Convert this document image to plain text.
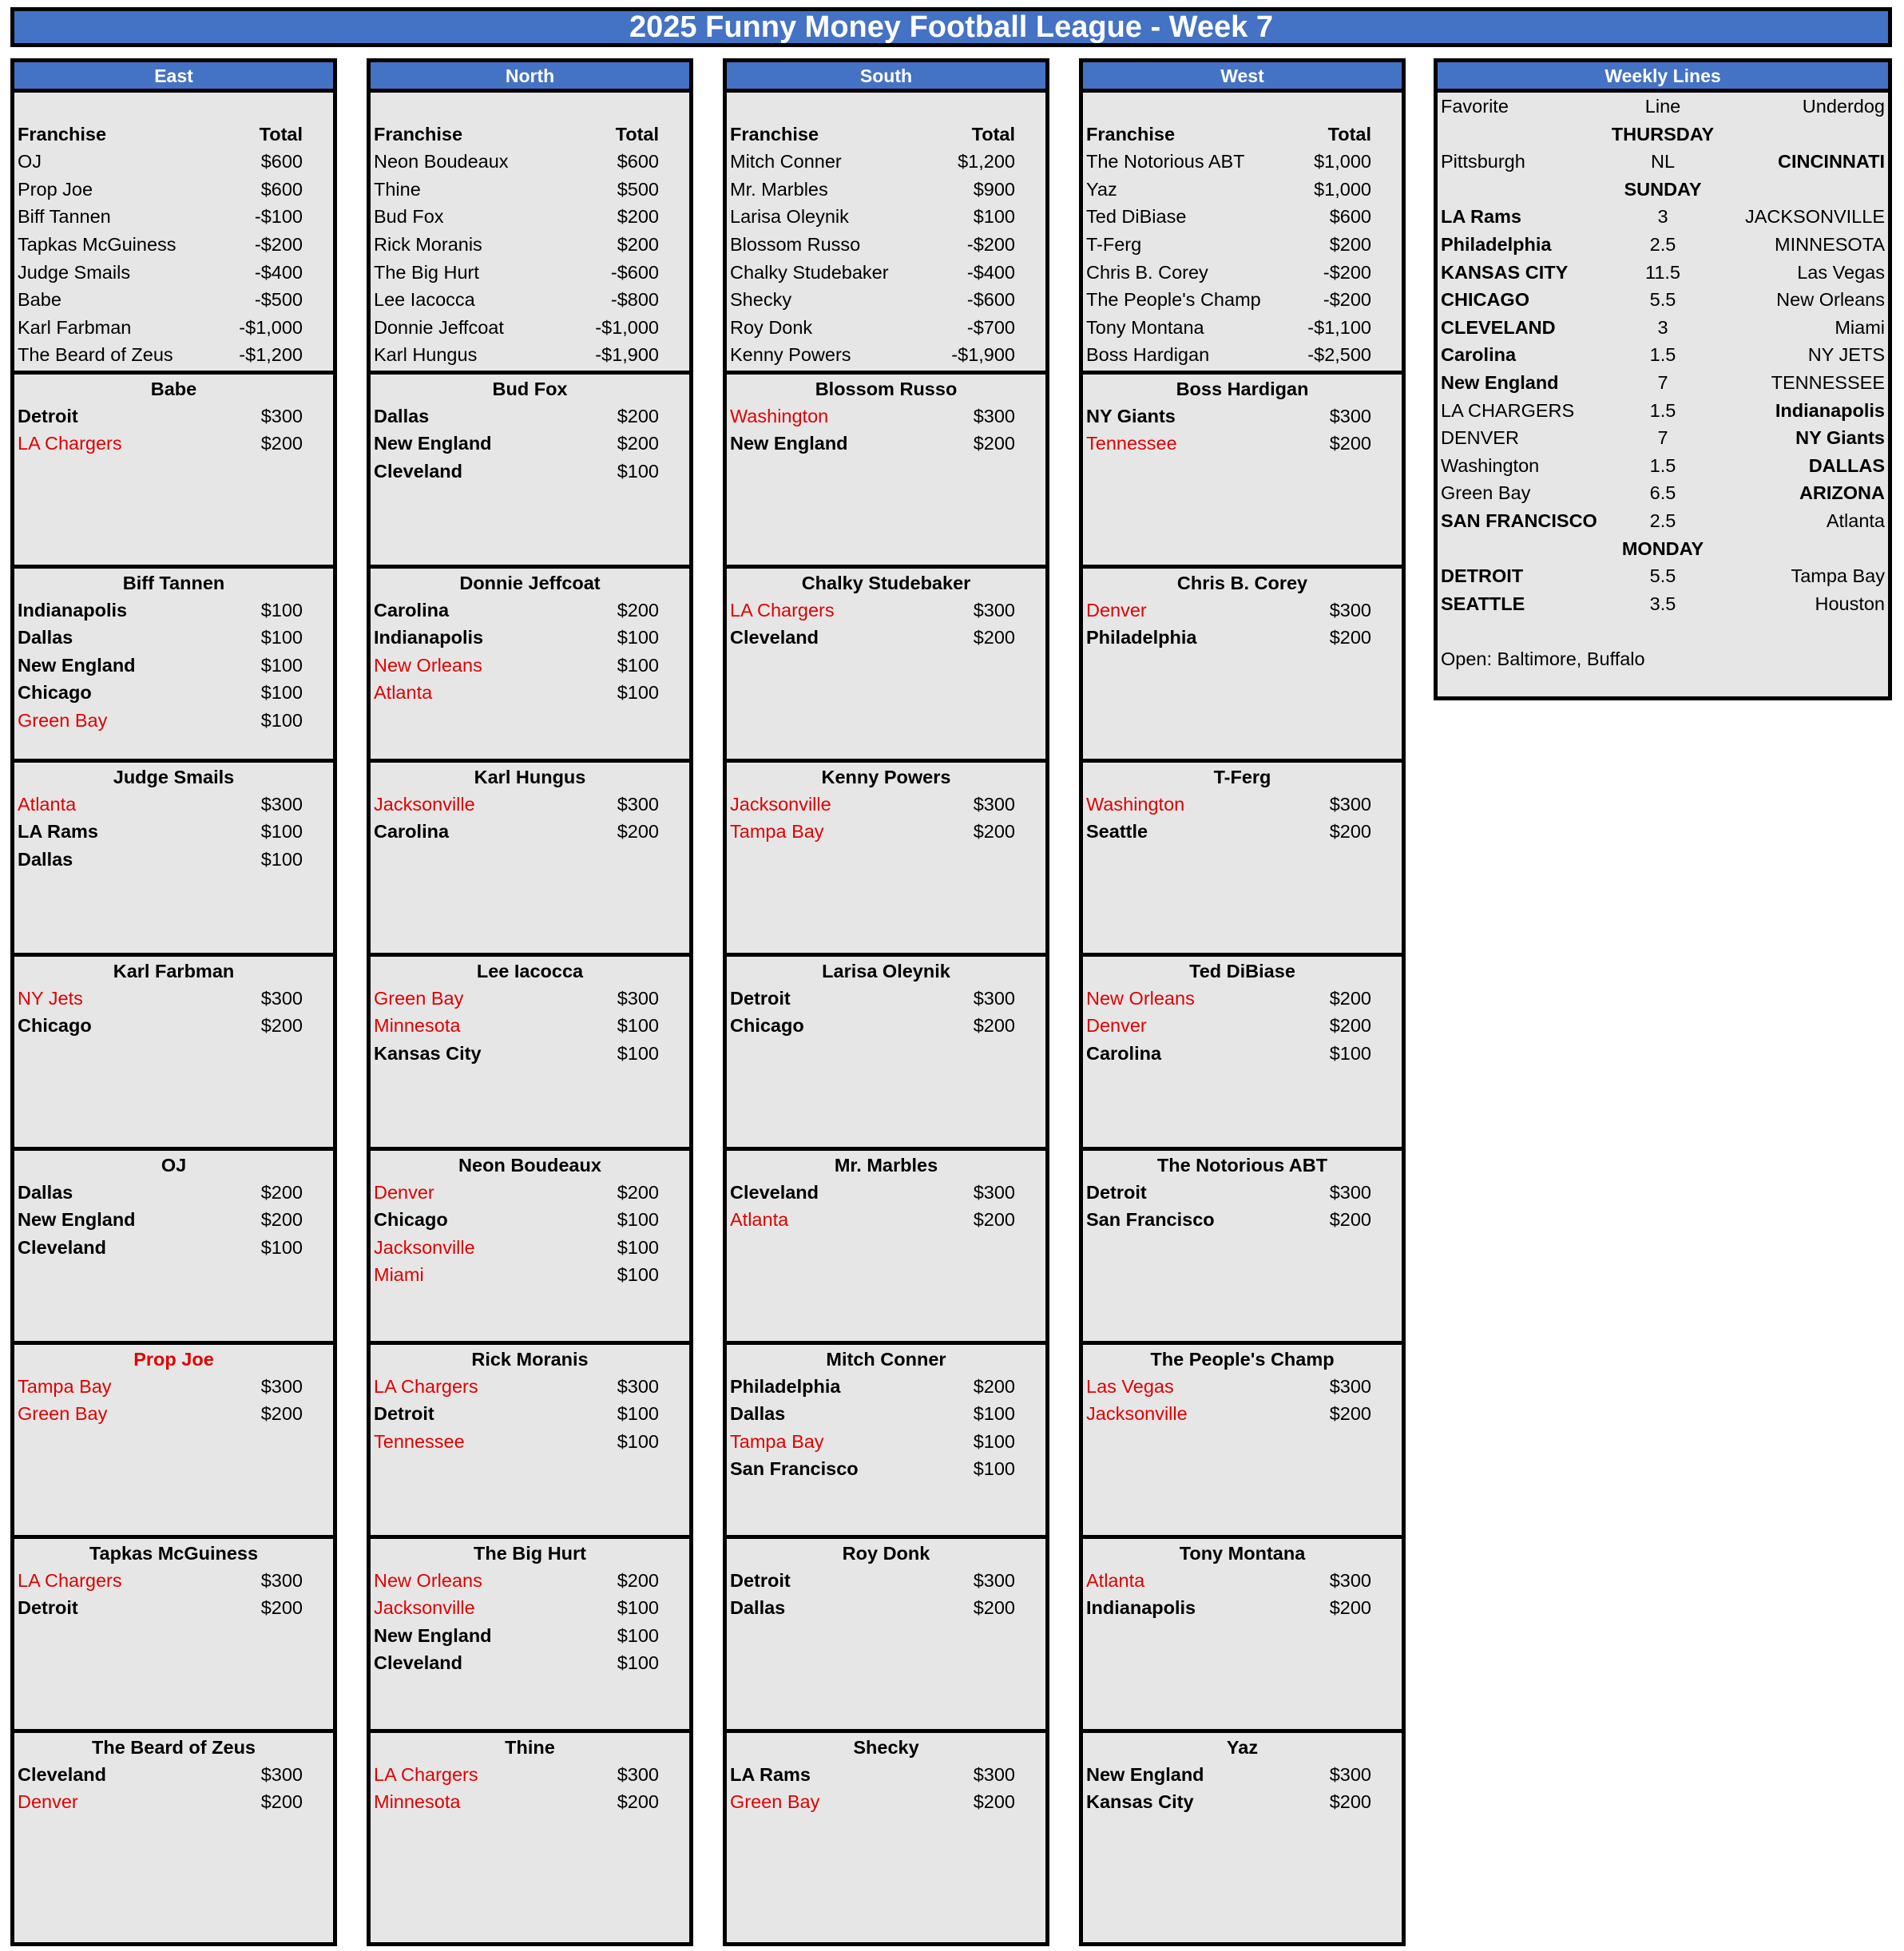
2025 Funny Money Football League - Week 7
East
Franchise	Total
OJ	$600
Prop Joe	$600
Biff Tannen	-$100
Tapkas McGuiness	-$200
Judge Smails	-$400
Babe	-$500
Karl Farbman	-$1,000
The Beard of Zeus	-$1,200
Babe
Detroit	$300
LA Chargers	$200
Biff Tannen
Indianapolis	$100
Dallas	$100
New England	$100
Chicago	$100
Green Bay	$100
Judge Smails
Atlanta	$300
LA Rams	$100
Dallas	$100
Karl Farbman
NY Jets	$300
Chicago	$200
OJ
Dallas	$200
New England	$200
Cleveland	$100
Prop Joe
Tampa Bay	$300
Green Bay	$200
Tapkas McGuiness
LA Chargers	$300
Detroit	$200
The Beard of Zeus
Cleveland	$300
Denver	$200
North
Franchise	Total
Neon Boudeaux	$600
Thine	$500
Bud Fox	$200
Rick Moranis	$200
The Big Hurt	-$600
Lee Iacocca	-$800
Donnie Jeffcoat	-$1,000
Karl Hungus	-$1,900
Bud Fox
Dallas	$200
New England	$200
Cleveland	$100
Donnie Jeffcoat
Carolina	$200
Indianapolis	$100
New Orleans	$100
Atlanta	$100
Karl Hungus
Jacksonville	$300
Carolina	$200
Lee Iacocca
Green Bay	$300
Minnesota	$100
Kansas City	$100
Neon Boudeaux
Denver	$200
Chicago	$100
Jacksonville	$100
Miami	$100
Rick Moranis
LA Chargers	$300
Detroit	$100
Tennessee	$100
The Big Hurt
New Orleans	$200
Jacksonville	$100
New England	$100
Cleveland	$100
Thine
LA Chargers	$300
Minnesota	$200
South
Franchise	Total
Mitch Conner	$1,200
Mr. Marbles	$900
Larisa Oleynik	$100
Blossom Russo	-$200
Chalky Studebaker	-$400
Shecky	-$600
Roy Donk	-$700
Kenny Powers	-$1,900
Blossom Russo
Washington	$300
New England	$200
Chalky Studebaker
LA Chargers	$300
Cleveland	$200
Kenny Powers
Jacksonville	$300
Tampa Bay	$200
Larisa Oleynik
Detroit	$300
Chicago	$200
Mr. Marbles
Cleveland	$300
Atlanta	$200
Mitch Conner
Philadelphia	$200
Dallas	$100
Tampa Bay	$100
San Francisco	$100
Roy Donk
Detroit	$300
Dallas	$200
Shecky
LA Rams	$300
Green Bay	$200
West
Franchise	Total
The Notorious ABT	$1,000
Yaz	$1,000
Ted DiBiase	$600
T-Ferg	$200
Chris B. Corey	-$200
The People's Champ	-$200
Tony Montana	-$1,100
Boss Hardigan	-$2,500
Boss Hardigan
NY Giants	$300
Tennessee	$200
Chris B. Corey
Denver	$300
Philadelphia	$200
T-Ferg
Washington	$300
Seattle	$200
Ted DiBiase
New Orleans	$200
Denver	$200
Carolina	$100
The Notorious ABT
Detroit	$300
San Francisco	$200
The People's Champ
Las Vegas	$300
Jacksonville	$200
Tony Montana
Atlanta	$300
Indianapolis	$200
Yaz
New England	$300
Kansas City	$200
Weekly Lines
Favorite	Line	Underdog
THURSDAY
Pittsburgh	NL	CINCINNATI
SUNDAY
LA Rams	3	JACKSONVILLE
Philadelphia	2.5	MINNESOTA
KANSAS CITY	11.5	Las Vegas
CHICAGO	5.5	New Orleans
CLEVELAND	3	Miami
Carolina	1.5	NY JETS
New England	7	TENNESSEE
LA CHARGERS	1.5	Indianapolis
DENVER	7	NY Giants
Washington	1.5	DALLAS
Green Bay	6.5	ARIZONA
SAN FRANCISCO	2.5	Atlanta
MONDAY
DETROIT	5.5	Tampa Bay
SEATTLE	3.5	Houston
Open: Baltimore, Buffalo
